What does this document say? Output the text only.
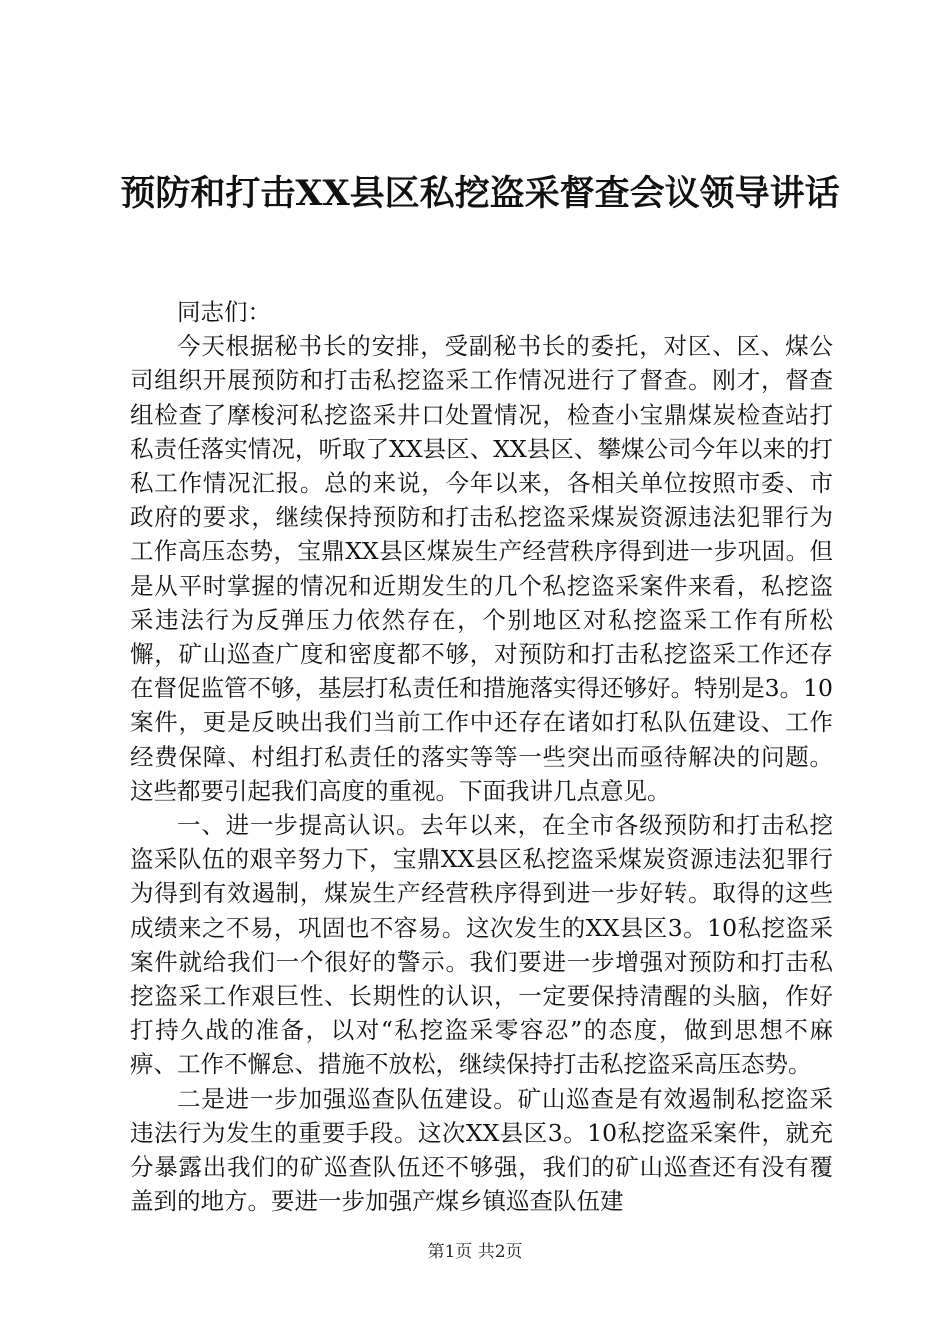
预防和打击XX县区私挖盗采督查会议领导讲话

同志们：

今天根据秘书长的安排，受副秘书长的委托，对区、区、煤公司组织开展预防和打击私挖盗采工作情况进行了督查。刚才，督查组检查了摩梭河私挖盗采井口处置情况，检查小宝鼎煤炭检查站打私责任落实情况，听取了XX县区、XX县区、攀煤公司今年以来的打私工作情况汇报。总的来说，今年以来，各相关单位按照市委、市政府的要求，继续保持预防和打击私挖盗采煤炭资源违法犯罪行为工作高压态势，宝鼎XX县区煤炭生产经营秩序得到进一步巩固。但是从平时掌握的情况和近期发生的几个私挖盗采案件来看，私挖盗采违法行为反弹压力依然存在，个别地区对私挖盗采工作有所松懈，矿山巡查广度和密度都不够，对预防和打击私挖盗采工作还存在督促监管不够，基层打私责任和措施落实得还够好。特别是3。10案件，更是反映出我们当前工作中还存在诸如打私队伍建设、工作经费保障、村组打私责任的落实等等一些突出而亟待解决的问题。这些都要引起我们高度的重视。下面我讲几点意见。

一、进一步提高认识。去年以来，在全市各级预防和打击私挖盗采队伍的艰辛努力下，宝鼎XX县区私挖盗采煤炭资源违法犯罪行为得到有效遏制，煤炭生产经营秩序得到进一步好转。取得的这些成绩来之不易，巩固也不容易。这次发生的XX县区3。10私挖盗采案件就给我们一个很好的警示。我们要进一步增强对预防和打击私挖盗采工作艰巨性、长期性的认识，一定要保持清醒的头脑，作好打持久战的准备，以对“私挖盗采零容忍”的态度，做到思想不麻痹、工作不懈怠、措施不放松，继续保持打击私挖盗采高压态势。

二是进一步加强巡查队伍建设。矿山巡查是有效遏制私挖盗采违法行为发生的重要手段。这次XX县区3。10私挖盗采案件，就充分暴露出我们的矿巡查队伍还不够强，我们的矿山巡查还有没有覆盖到的地方。要进一步加强产煤乡镇巡查队伍建

第1页 共2页
